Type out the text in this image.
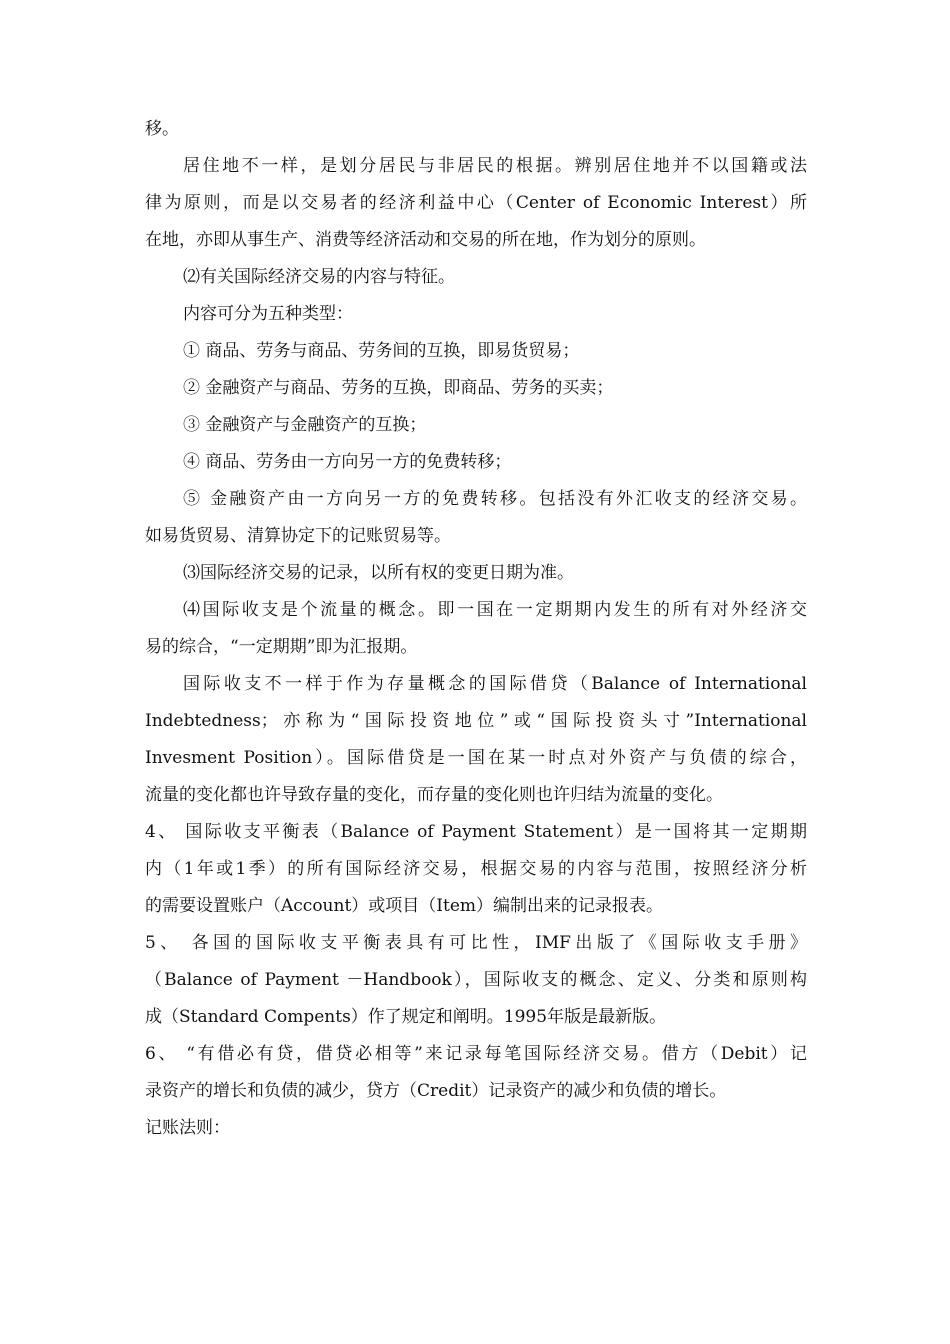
移。
居住地不一样，是划分居民与非居民的根据。辨别居住地并不以国籍或法
律为原则，而是以交易者的经济利益中心（Center of Economic Interest）所
在地，亦即从事生产、消费等经济活动和交易的所在地，作为划分的原则。
⑵有关国际经济交易的内容与特征。
内容可分为五种类型：
① 商品、劳务与商品、劳务间的互换，即易货贸易；
② 金融资产与商品、劳务的互换，即商品、劳务的买卖；
③ 金融资产与金融资产的互换；
④ 商品、劳务由一方向另一方的免费转移；
⑤ 金融资产由一方向另一方的免费转移。包括没有外汇收支的经济交易。
如易货贸易、清算协定下的记账贸易等。
⑶国际经济交易的记录，以所有权的变更日期为准。
⑷国际收支是个流量的概念。即一国在一定期期内发生的所有对外经济交
易的综合，“一定期期”即为汇报期。
国际收支不一样于作为存量概念的国际借贷（Balance of International
Indebtedness；亦称为“国际投资地位”或“国际投资头寸”International
Invesment Position）。国际借贷是一国在某一时点对外资产与负债的综合，
流量的变化都也许导致存量的变化，而存量的变化则也许归结为流量的变化。
4、 国际收支平衡表（Balance of Payment Statement）是一国将其一定期期
内（1年或1季）的所有国际经济交易，根据交易的内容与范围，按照经济分析
的需要设置账户（Account）或项目（Item）编制出来的记录报表。
5、 各国的国际收支平衡表具有可比性，IMF出版了《国际收支手册》
（Balance of Payment －Handbook），国际收支的概念、定义、分类和原则构
成（Standard Compents）作了规定和阐明。1995年版是最新版。
6、 “有借必有贷，借贷必相等”来记录每笔国际经济交易。借方（Debit）记
录资产的增长和负债的减少，贷方（Credit）记录资产的减少和负债的增长。
记账法则：
